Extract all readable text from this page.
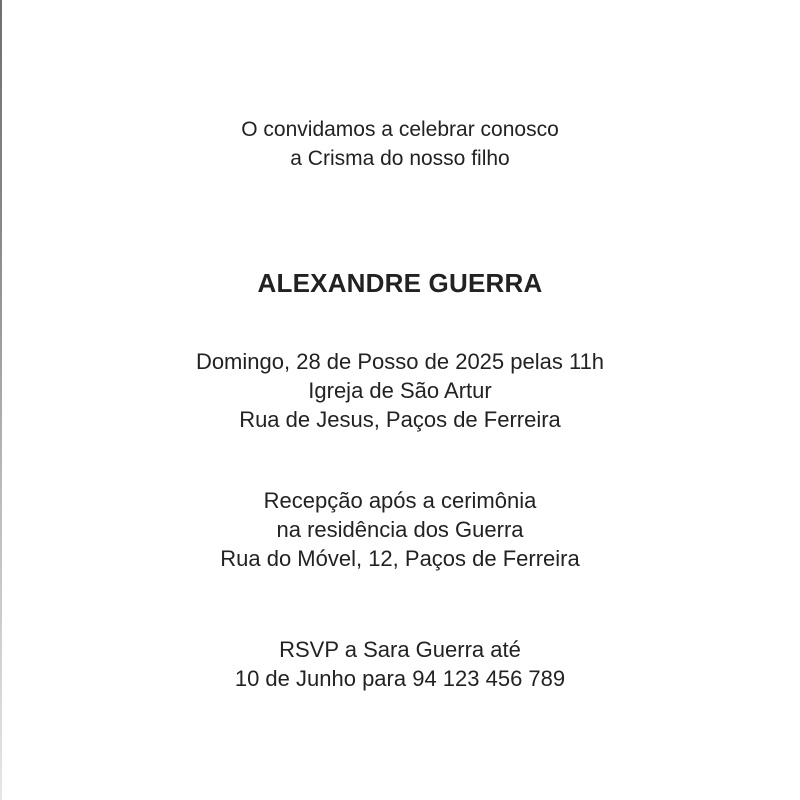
O convidamos a celebrar conosco
a Crisma do nosso filho
ALEXANDRE GUERRA
Domingo, 28 de Posso de 2025 pelas 11h
Igreja de São Artur
Rua de Jesus, Paços de Ferreira
Recepção após a cerimônia
na residência dos Guerra
Rua do Móvel, 12, Paços de Ferreira
RSVP a Sara Guerra até
10 de Junho para 94 123 456 789
